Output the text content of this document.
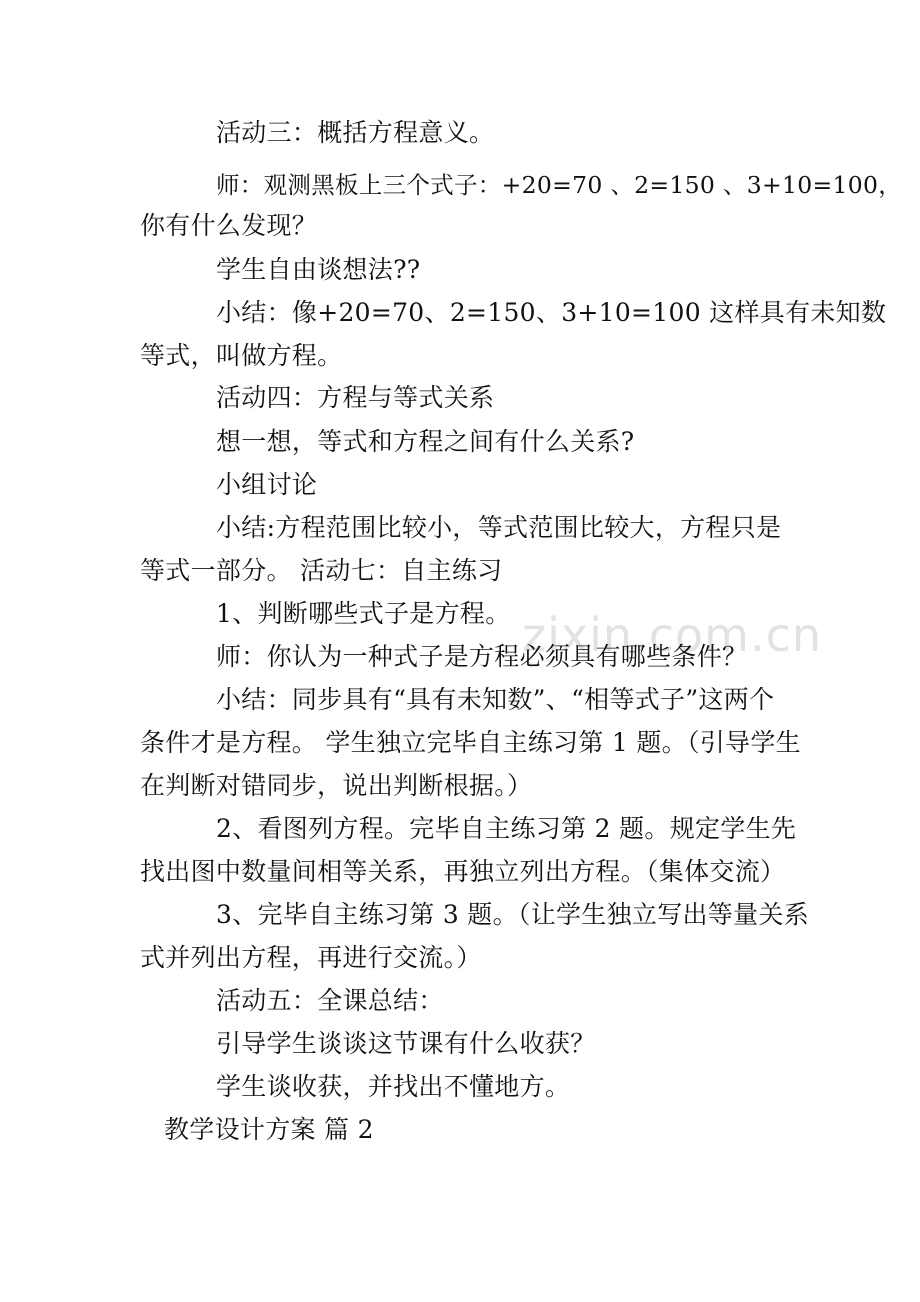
zixin.com.cn
活动三：概括方程意义。
师：观测黑板上三个式子：+20=70 、2=150 、3+10=100，
你有什么发现？
学生自由谈想法??
小结：像+20=70、2=150、3+10=100 这样具有未知数
等式，叫做方程。
活动四：方程与等式关系
想一想，等式和方程之间有什么关系?
小组讨论
小结:方程范围比较小，等式范围比较大，方程只是
等式一部分。 活动七：自主练习
1、判断哪些式子是方程。
师：你认为一种式子是方程必须具有哪些条件？
小结：同步具有“具有未知数”、“相等式子”这两个
条件才是方程。 学生独立完毕自主练习第 1 题。（引导学生
在判断对错同步，说出判断根据。）
2、看图列方程。完毕自主练习第 2 题。规定学生先
找出图中数量间相等关系，再独立列出方程。（集体交流）
3、完毕自主练习第 3 题。（让学生独立写出等量关系
式并列出方程，再进行交流。）
活动五：全课总结：
引导学生谈谈这节课有什么收获？
学生谈收获，并找出不懂地方。
教学设计方案 篇 2
